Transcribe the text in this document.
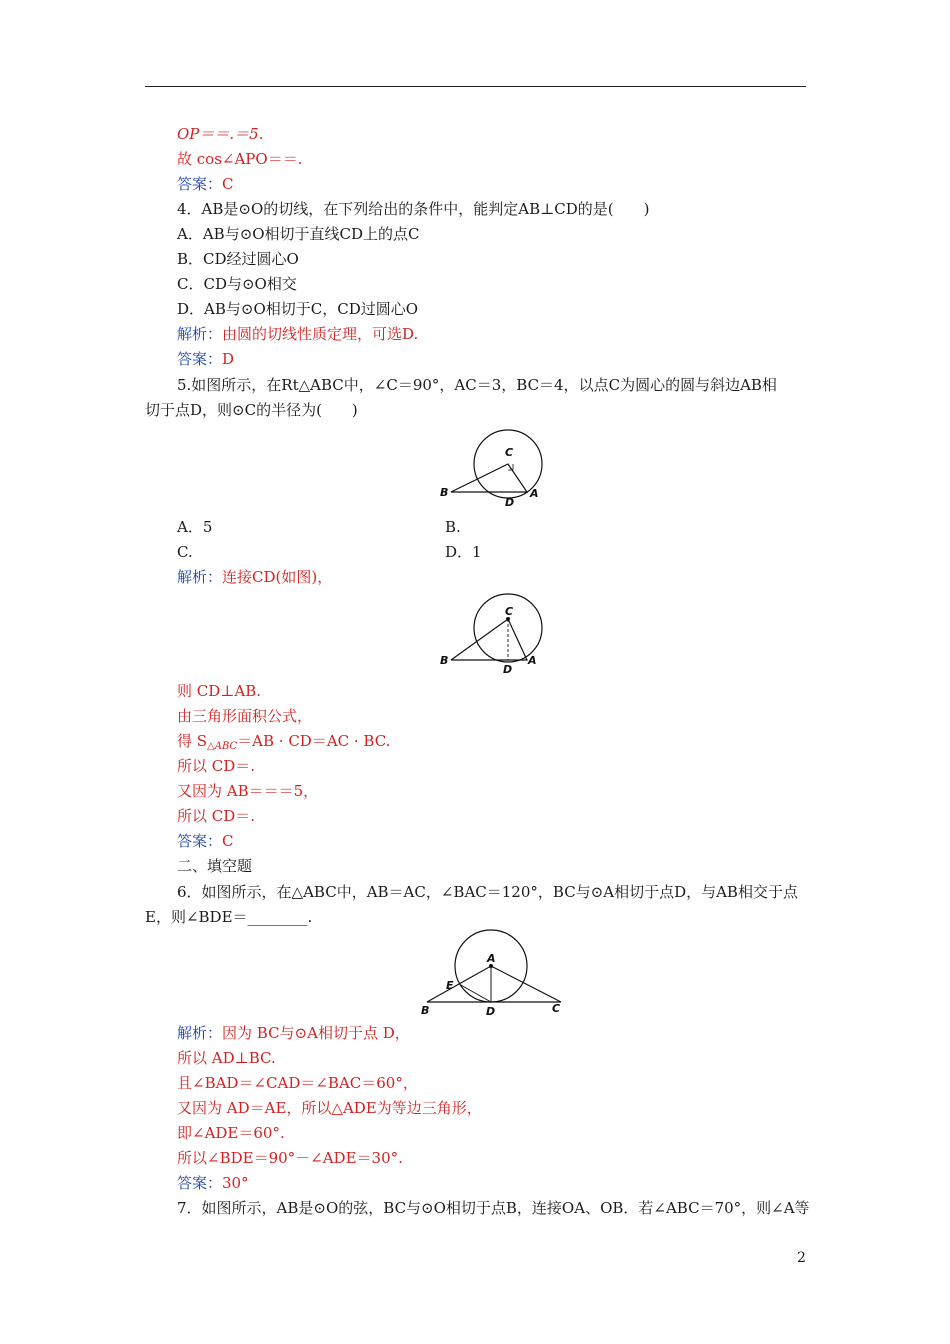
OP＝＝.＝5.
故 cos∠APO＝＝.
答案：C
4．AB是⊙O的切线，在下列给出的条件中，能判定AB⊥CD的是(　　)
A．AB与⊙O相切于直线CD上的点C
B．CD经过圆心O
C．CD与⊙O相交
D．AB与⊙O相切于C，CD过圆心O
解析：由圆的切线性质定理，可选D.
答案：D
5.如图所示，在Rt△ABC中，∠C＝90°，AC＝3，BC＝4，以点C为圆心的圆与斜边AB相
切于点D，则⊙C的半径为(　　)
C
B
D
A
A．5	B.
C.	D．1
解析：连接CD(如图)，
C
B
D
A
则 CD⊥AB.
由三角形面积公式，
得 $S_{\triangle ABC}=AB \cdot CD=AC$ · BC.
所以 CD＝.
又因为 AB＝＝＝5，
所以 CD＝.
答案：C
二、填空题
6．如图所示，在△ABC中，AB＝AC，∠BAC＝120°，BC与⊙A相切于点D，与AB相交于点
E，则∠BDE＝________.
A
E
B	D	C
解析：因为 BC与⊙A相切于点 D，
所以 AD⊥BC.
且∠BAD＝∠CAD＝∠BAC＝60°，
又因为 AD＝AE，所以△ADE为等边三角形，
即∠ADE＝60°.
所以∠BDE＝90°－∠ADE＝30°.
答案：30°
7．如图所示，AB是⊙O的弦，BC与⊙O相切于点B，连接OA、OB．若∠ABC＝70°，则∠A等
2
